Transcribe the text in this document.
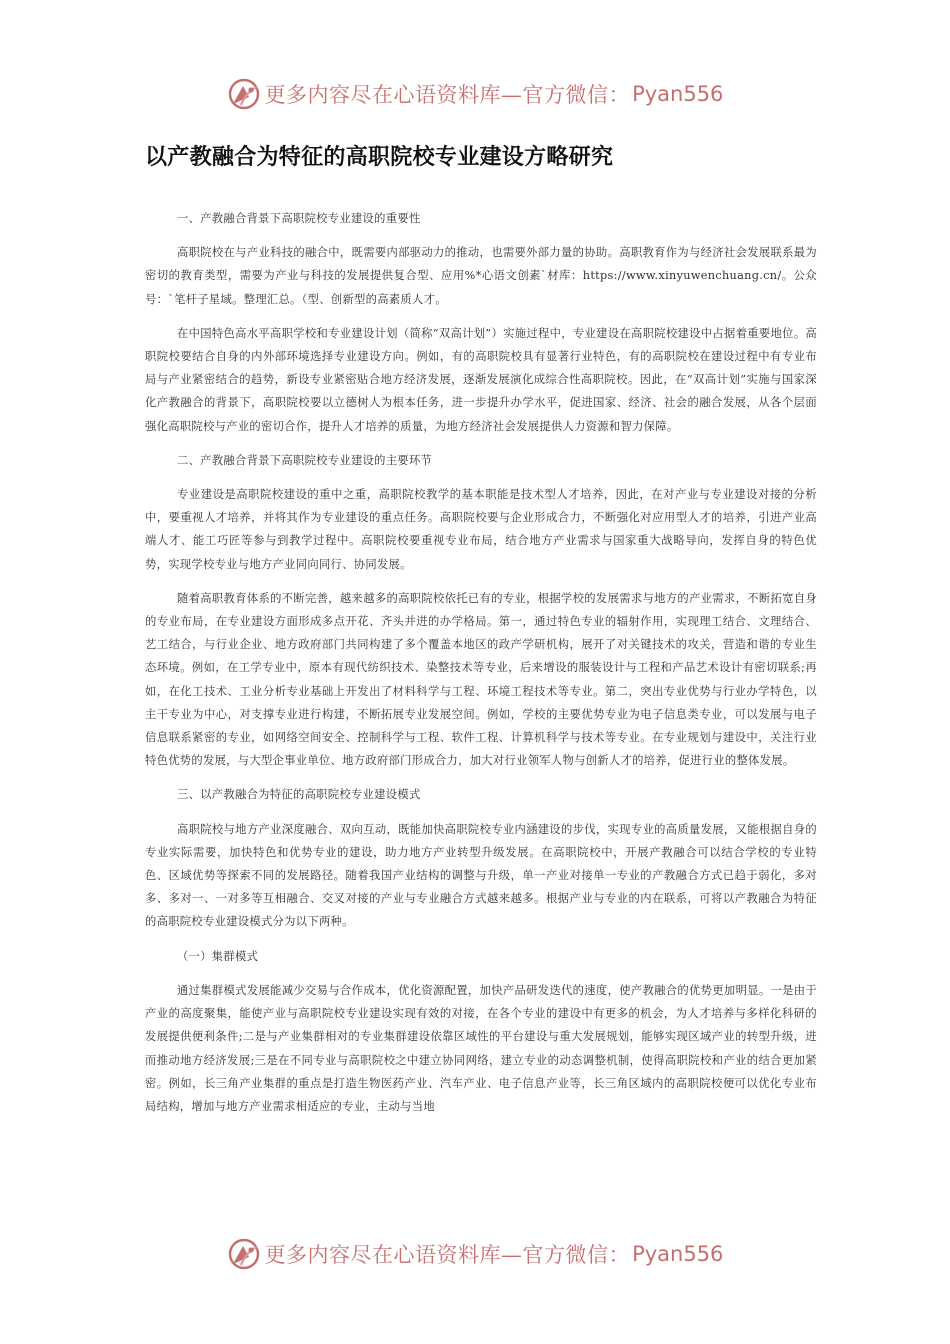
更多内容尽在心语资料库—官方微信： Pyan556
以产教融合为特征的高职院校专业建设方略研究

一、产教融合背景下高职院校专业建设的重要性

高职院校在与产业科技的融合中，既需要内部驱动力的推动，也需要外部力量的协助。高职教育作为与经济社会发展联系最为密切的教育类型，需要为产业与科技的发展提供复合型、应用%*心语文创素`材库：https://www.xinyuwenchuang.cn/。公众号：`笔杆子星域。整理汇总。（型、创新型的高素质人才。

在中国特色高水平高职学校和专业建设计划（简称“双高计划”）实施过程中，专业建设在高职院校建设中占据着重要地位。高职院校要结合自身的内外部环境选择专业建设方向。例如，有的高职院校具有显著行业特色，有的高职院校在建设过程中有专业布局与产业紧密结合的趋势，新设专业紧密贴合地方经济发展，逐渐发展演化成综合性高职院校。因此，在“双高计划”实施与国家深化产教融合的背景下，高职院校要以立德树人为根本任务，进一步提升办学水平，促进国家、经济、社会的融合发展，从各个层面强化高职院校与产业的密切合作，提升人才培养的质量，为地方经济社会发展提供人力资源和智力保障。

二、产教融合背景下高职院校专业建设的主要环节

专业建设是高职院校建设的重中之重，高职院校教学的基本职能是技术型人才培养，因此，在对产业与专业建设对接的分析中，要重视人才培养，并将其作为专业建设的重点任务。高职院校要与企业形成合力，不断强化对应用型人才的培养，引进产业高端人才、能工巧匠等参与到教学过程中。高职院校要重视专业布局，结合地方产业需求与国家重大战略导向，发挥自身的特色优势，实现学校专业与地方产业同向同行、协同发展。

随着高职教育体系的不断完善，越来越多的高职院校依托已有的专业，根据学校的发展需求与地方的产业需求，不断拓宽自身的专业布局，在专业建设方面形成多点开花、齐头并进的办学格局。第一，通过特色专业的辐射作用，实现理工结合、文理结合、艺工结合，与行业企业、地方政府部门共同构建了多个覆盖本地区的政产学研机构，展开了对关键技术的攻关，营造和谐的专业生态环境。例如，在工学专业中，原本有现代纺织技术、染整技术等专业，后来增设的服装设计与工程和产品艺术设计有密切联系;再如，在化工技术、工业分析专业基础上开发出了材料科学与工程、环境工程技术等专业。第二，突出专业优势与行业办学特色，以主干专业为中心，对支撑专业进行构建，不断拓展专业发展空间。例如，学校的主要优势专业为电子信息类专业，可以发展与电子信息联系紧密的专业，如网络空间安全、控制科学与工程、软件工程、计算机科学与技术等专业。在专业规划与建设中，关注行业特色优势的发展，与大型企事业单位、地方政府部门形成合力，加大对行业领军人物与创新人才的培养，促进行业的整体发展。

三、以产教融合为特征的高职院校专业建设模式

高职院校与地方产业深度融合、双向互动，既能加快高职院校专业内涵建设的步伐，实现专业的高质量发展，又能根据自身的专业实际需要，加快特色和优势专业的建设，助力地方产业转型升级发展。在高职院校中，开展产教融合可以结合学校的专业特色、区域优势等探索不同的发展路径。随着我国产业结构的调整与升级，单一产业对接单一专业的产教融合方式已趋于弱化，多对多、多对一、一对多等互相融合、交叉对接的产业与专业融合方式越来越多。根据产业与专业的内在联系，可将以产教融合为特征的高职院校专业建设模式分为以下两种。

（一）集群模式

通过集群模式发展能减少交易与合作成本，优化资源配置，加快产品研发迭代的速度，使产教融合的优势更加明显。一是由于产业的高度聚集，能使产业与高职院校专业建设实现有效的对接，在各个专业的建设中有更多的机会，为人才培养与多样化科研的发展提供便利条件;二是与产业集群相对的专业集群建设依靠区域性的平台建设与重大发展规划，能够实现区域产业的转型升级，进而推动地方经济发展;三是在不同专业与高职院校之中建立协同网络，建立专业的动态调整机制，使得高职院校和产业的结合更加紧密。例如，长三角产业集群的重点是打造生物医药产业、汽车产业、电子信息产业等，长三角区域内的高职院校便可以优化专业布局结构，增加与地方产业需求相适应的专业，主动与当地

更多内容尽在心语资料库—官方微信： Pyan556
